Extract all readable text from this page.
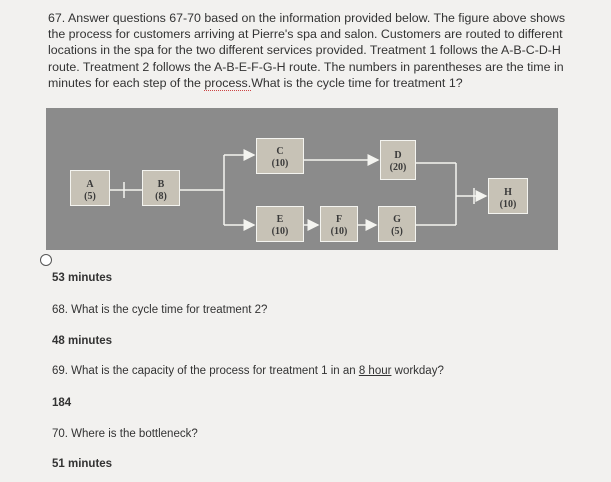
67. Answer questions 67-70 based on the information provided below. The figure above shows the process for customers arriving at Pierre's spa and salon. Customers are routed to different locations in the spa for the two different services provided. Treatment 1 follows the A-B-C-D-H route. Treatment 2 follows the A-B-E-F-G-H route. The numbers in parentheses are the time in minutes for each step of the process.What is the cycle time for treatment 1?
A
(5)
B
(8)
C
(10)
D
(20)
E
(10)
F
(10)
G
(5)
H
(10)
53 minutes
68. What is the cycle time for treatment 2?
48 minutes
69. What is the capacity of the process for treatment 1 in an 8 hour workday?
184
70. Where is the bottleneck?
51 minutes
